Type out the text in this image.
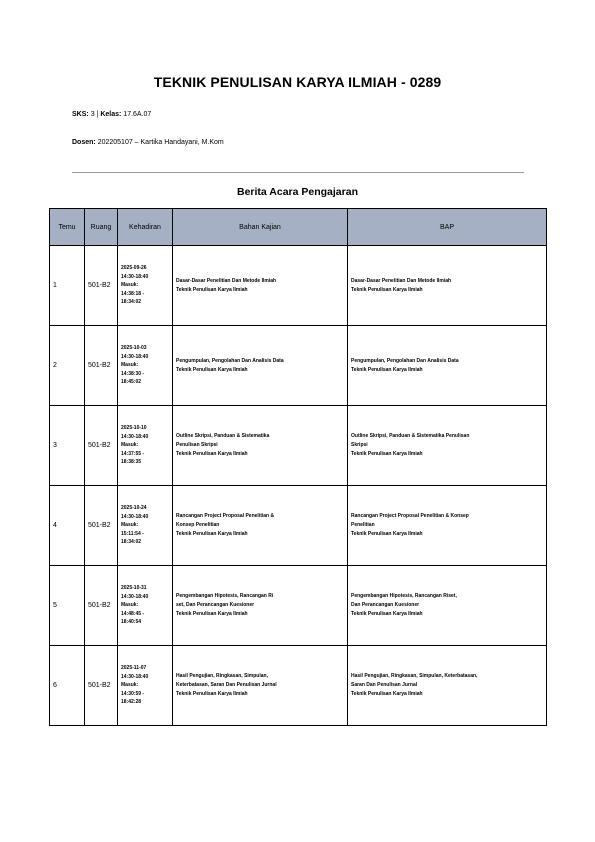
TEKNIK PENULISAN KARYA ILMIAH - 0289
SKS: 3 | Kelas: 17.6A.07
Dosen: 202205107 – Kartika Handayani, M.Kom
Berita Acara Pengajaran
Temu	Ruang	Kehadiran	Bahan Kajian	BAP
1	501-B2	2025-09-26
14:30-18:40
Masuk:
14:38:18 -
18:34:02	Dasar-Dasar Penelitian Dan Metode Ilmiah
Teknik Penulisan Karya Ilmiah	Dasar-Dasar Penelitian Dan Metode Ilmiah
Teknik Penulisan Karya Ilmiah

2	501-B2	2025-10-03
14:30-18:40
Masuk:
14:38:30 -
18:45:02	Pengumpulan, Pengolahan Dan Analisis Data
Teknik Penulisan Karya Ilmiah	Pengumpulan, Pengolahan Dan Analisis Data
Teknik Penulisan Karya Ilmiah

3	501-B2	2025-10-10
14:30-18:40
Masuk:
14:37:55 -
18:38:35	Outline Skripsi, Panduan & Sistematika
Penulisan Skripsi
Teknik Penulisan Karya Ilmiah	Outline Skripsi, Panduan & Sistematika Penulisan
Skripsi
Teknik Penulisan Karya Ilmiah

4	501-B2	2025-10-24
14:30-18:40
Masuk:
15:11:54 -
18:34:02	Rancangan Project Proposal Penelitian &
Konsep Penelitian
Teknik Penulisan Karya Ilmiah	Rancangan Project Proposal Penelitian & Konsep
Penelitian
Teknik Penulisan Karya Ilmiah

5	501-B2	2025-10-31
14:30-18:40
Masuk:
14:48:45 -
18:40:54	Pengembangan Hipotesis, Rancangan Ri
set, Dan Perancangan Kuesioner
Teknik Penulisan Karya Ilmiah	Pengembangan Hipotesis, Rancangan Riset,
Dan Perancangan Kuesioner
Teknik Penulisan Karya Ilmiah

6	501-B2	2025-11-07
14:30-18:40
Masuk:
14:30:59 -
18:42:28	Hasil Pengujian, Ringkasan, Simpulan,
Keterbatasan, Saran Dan Penulisan Jurnal
Teknik Penulisan Karya Ilmiah	Hasil Pengujian, Ringkasan, Simpulan, Keterbatasan,
Saran Dan Penulisan Jurnal
Teknik Penulisan Karya Ilmiah
